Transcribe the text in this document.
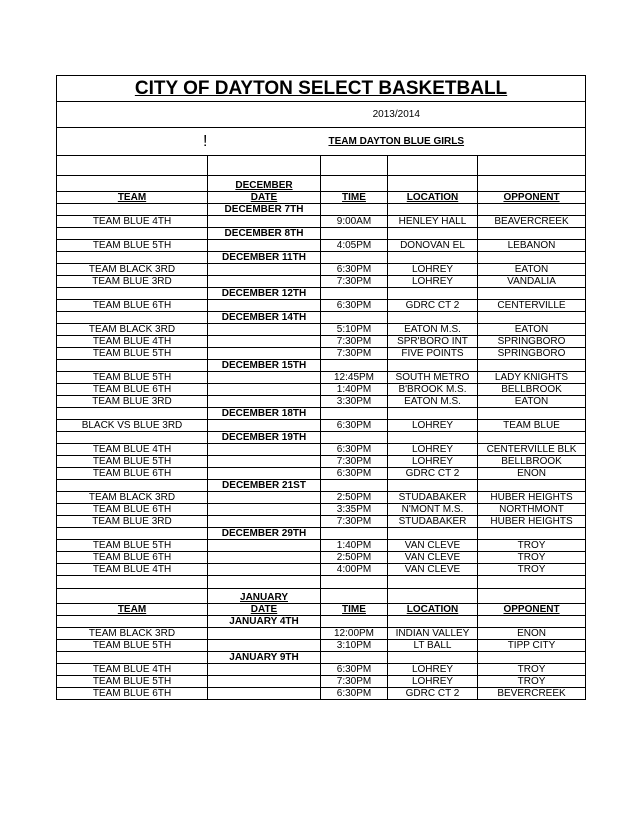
CITY OF DAYTON SELECT BASKETBALL				
	2013/2014			
!	TEAM DAYTON BLUE GIRLS			

	DECEMBER			
TEAM	DATE	TIME	LOCATION	OPPONENT
	DECEMBER 7TH			
TEAM BLUE 4TH		9:00AM	HENLEY HALL	BEAVERCREEK
	DECEMBER 8TH			
TEAM BLUE 5TH		4:05PM	DONOVAN EL	LEBANON
	DECEMBER 11TH			
TEAM BLACK 3RD		6:30PM	LOHREY	EATON
TEAM BLUE 3RD		7:30PM	LOHREY	VANDALIA
	DECEMBER 12TH			
TEAM BLUE 6TH		6:30PM	GDRC CT 2	CENTERVILLE
	DECEMBER 14TH			
TEAM BLACK 3RD		5:10PM	EATON M.S.	EATON
TEAM BLUE 4TH		7:30PM	SPR'BORO INT	SPRINGBORO
TEAM BLUE 5TH		7:30PM	FIVE POINTS	SPRINGBORO
	DECEMBER 15TH			
TEAM BLUE 5TH		12:45PM	SOUTH METRO	LADY KNIGHTS
TEAM BLUE 6TH		1:40PM	B'BROOK M.S.	BELLBROOK
TEAM BLUE 3RD		3:30PM	EATON M.S.	EATON
	DECEMBER 18TH			
BLACK VS BLUE 3RD		6:30PM	LOHREY	TEAM BLUE
	DECEMBER 19TH			
TEAM BLUE 4TH		6:30PM	LOHREY	CENTERVILLE BLK
TEAM BLUE 5TH		7:30PM	LOHREY	BELLBROOK
TEAM BLUE 6TH		6:30PM	GDRC CT 2	ENON
	DECEMBER 21ST			
TEAM BLACK 3RD		2:50PM	STUDABAKER	HUBER HEIGHTS
TEAM BLUE 6TH		3:35PM	N'MONT M.S.	NORTHMONT
TEAM BLUE 3RD		7:30PM	STUDABAKER	HUBER HEIGHTS
	DECEMBER 29TH			
TEAM BLUE 5TH		1:40PM	VAN CLEVE	TROY
TEAM BLUE 6TH		2:50PM	VAN CLEVE	TROY
TEAM BLUE 4TH		4:00PM	VAN CLEVE	TROY

	JANUARY			
TEAM	DATE	TIME	LOCATION	OPPONENT
	JANUARY 4TH			
TEAM BLACK 3RD		12:00PM	INDIAN VALLEY	ENON
TEAM BLUE 5TH		3:10PM	LT BALL	TIPP CITY
	JANUARY 9TH			
TEAM BLUE 4TH		6:30PM	LOHREY	TROY
TEAM BLUE 5TH		7:30PM	LOHREY	TROY
TEAM BLUE 6TH		6:30PM	GDRC CT 2	BEVERCREEK
